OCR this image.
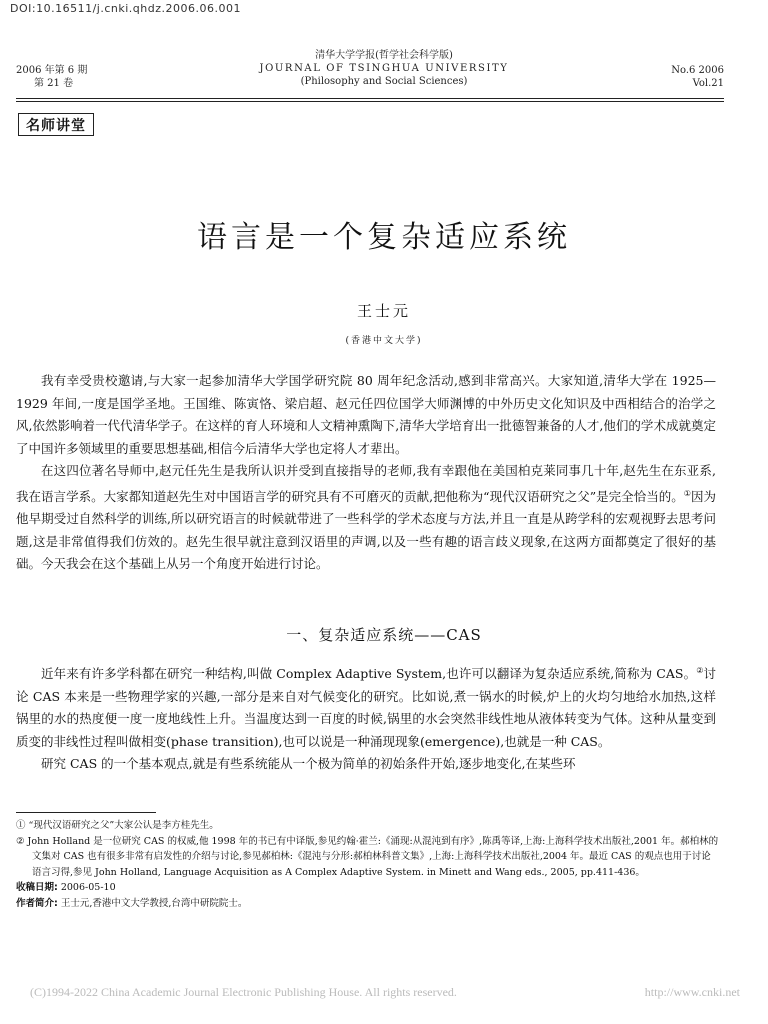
DOI:10.16511/j.cnki.qhdz.2006.06.001
2006 年第 6 期
第 21 卷
清华大学学报(哲学社会科学版)
JOURNAL OF TSINGHUA UNIVERSITY
(Philosophy and Social Sciences)
No.6 2006
Vol.21
名师讲堂
语言是一个复杂适应系统
王士元
(香港中文大学)

我有幸受贵校邀请,与大家一起参加清华大学国学研究院 80 周年纪念活动,感到非常高兴。大家知道,清华大学在 1925—1929 年间,一度是国学圣地。王国维、陈寅恪、梁启超、赵元任四位国学大师渊博的中外历史文化知识及中西相结合的治学之风,依然影响着一代代清华学子。在这样的育人环境和人文精神熏陶下,清华大学培育出一批德智兼备的人才,他们的学术成就奠定了中国许多领域里的重要思想基础,相信今后清华大学也定将人才辈出。

在这四位著名导师中,赵元任先生是我所认识并受到直接指导的老师,我有幸跟他在美国柏克莱同事几十年,赵先生在东亚系,我在语言学系。大家都知道赵先生对中国语言学的研究具有不可磨灭的贡献,把他称为“现代汉语研究之父”是完全恰当的。①因为他早期受过自然科学的训练,所以研究语言的时候就带进了一些科学的学术态度与方法,并且一直是从跨学科的宏观视野去思考问题,这是非常值得我们仿效的。赵先生很早就注意到汉语里的声调,以及一些有趣的语言歧义现象,在这两方面都奠定了很好的基础。今天我会在这个基础上从另一个角度开始进行讨论。

一、复杂适应系统——CAS

近年来有许多学科都在研究一种结构,叫做 Complex Adaptive System,也许可以翻译为复杂适应系统,简称为 CAS。②讨论 CAS 本来是一些物理学家的兴趣,一部分是来自对气候变化的研究。比如说,煮一锅水的时候,炉上的火均匀地给水加热,这样锅里的水的热度便一度一度地线性上升。当温度达到一百度的时候,锅里的水会突然非线性地从液体转变为气体。这种从量变到质变的非线性过程叫做相变(phase transition),也可以说是一种涌现现象(emergence),也就是一种 CAS。

研究 CAS 的一个基本观点,就是有些系统能从一个极为简单的初始条件开始,逐步地变化,在某些环

① “现代汉语研究之父”大家公认是李方桂先生。
② John Holland 是一位研究 CAS 的权威,他 1998 年的书已有中译版,参见约翰·霍兰:《涌现:从混沌到有序》,陈禹等译,上海:上海科学技术出版社,2001 年。郝柏林的文集对 CAS 也有很多非常有启发性的介绍与讨论,参见郝柏林:《混沌与分形:郝柏林科普文集》,上海:上海科学技术出版社,2004 年。最近 CAS 的观点也用于讨论语言习得,参见 John Holland, Language Acquisition as A Complex Adaptive System. in Minett and Wang eds., 2005, pp.411-436。
收稿日期: 2006-05-10
作者简介: 王士元,香港中文大学教授,台湾中研院院士。
(C)1994-2022 China Academic Journal Electronic Publishing House. All rights reserved.	http://www.cnki.net
